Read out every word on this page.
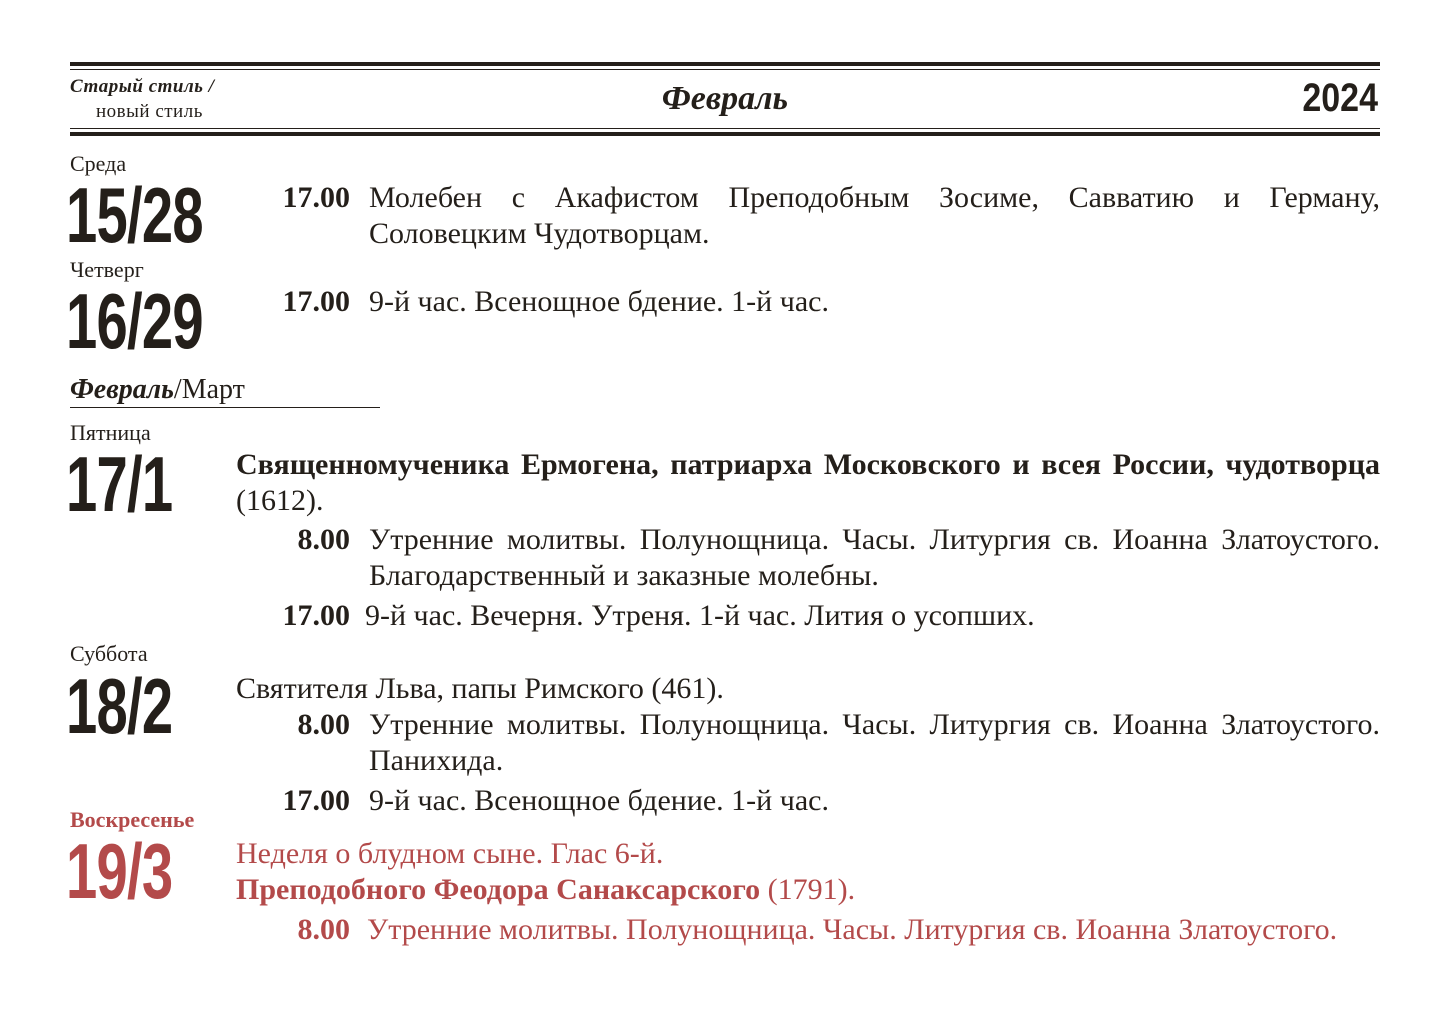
Старый стиль /
новый стиль	Февраль	2024
Среда
15/28	17.00 Молебен с Акафистом Преподобным Зосиме, Савватию и Герману, Соловецким Чудотворцам.
Четверг
16/29	17.00 9-й час. Всенощное бдение. 1-й час.
Февраль/Март
Пятница
17/1 Священномученика Ермогена, патриарха Московского и всея России, чудотворца (1612).
8.00 Утренние молитвы. Полунощница. Часы. Литургия св. Иоанна Златоустого. Благодарственный и заказные молебны.
17.00 9-й час. Вечерня. Утреня. 1-й час. Лития о усопших.
Суббота
18/2 Святителя Льва, папы Римского (461).
8.00 Утренние молитвы. Полунощница. Часы. Литургия св. Иоанна Златоустого. Панихида.
17.00 9-й час. Всенощное бдение. 1-й час.
Воскресенье
19/3 Неделя о блудном сыне. Глас 6-й.
Преподобного Феодора Санаксарского (1791).
8.00 Утренние молитвы. Полунощница. Часы. Литургия св. Иоанна Златоустого.
